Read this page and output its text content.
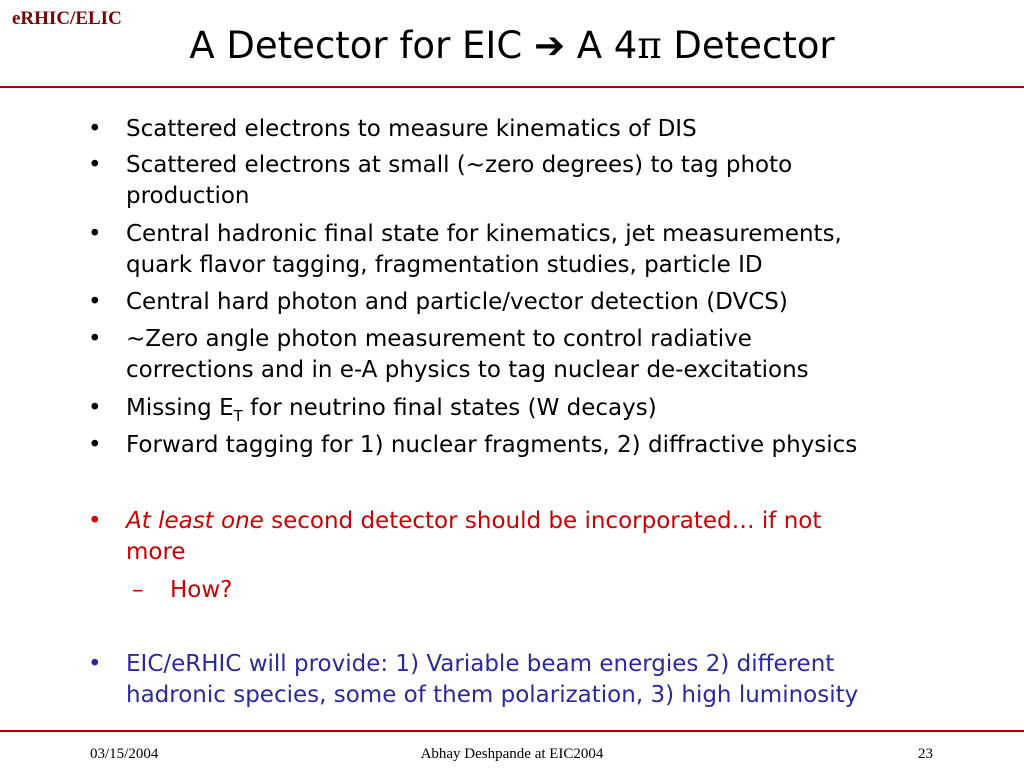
eRHIC/ELIC
A Detector for EIC ➔ A 4π Detector
• Scattered electrons to measure kinematics of DIS
• Scattered electrons at small (~zero degrees) to tag photo
production
• Central hadronic final state for kinematics, jet measurements,
quark flavor tagging, fragmentation studies, particle ID
• Central hard photon and particle/vector detection (DVCS)
• ~Zero angle photon measurement to control radiative
corrections and in e-A physics to tag nuclear de-excitations
• Missing $E_T$ for neutrino final states (W decays)
• Forward tagging for 1) nuclear fragments, 2) diffractive physics
• At least one second detector should be incorporated… if not
more
– How?
• EIC/eRHIC will provide: 1) Variable beam energies 2) different
hadronic species, some of them polarization, 3) high luminosity
03/15/2004	Abhay Deshpande at EIC2004	23
